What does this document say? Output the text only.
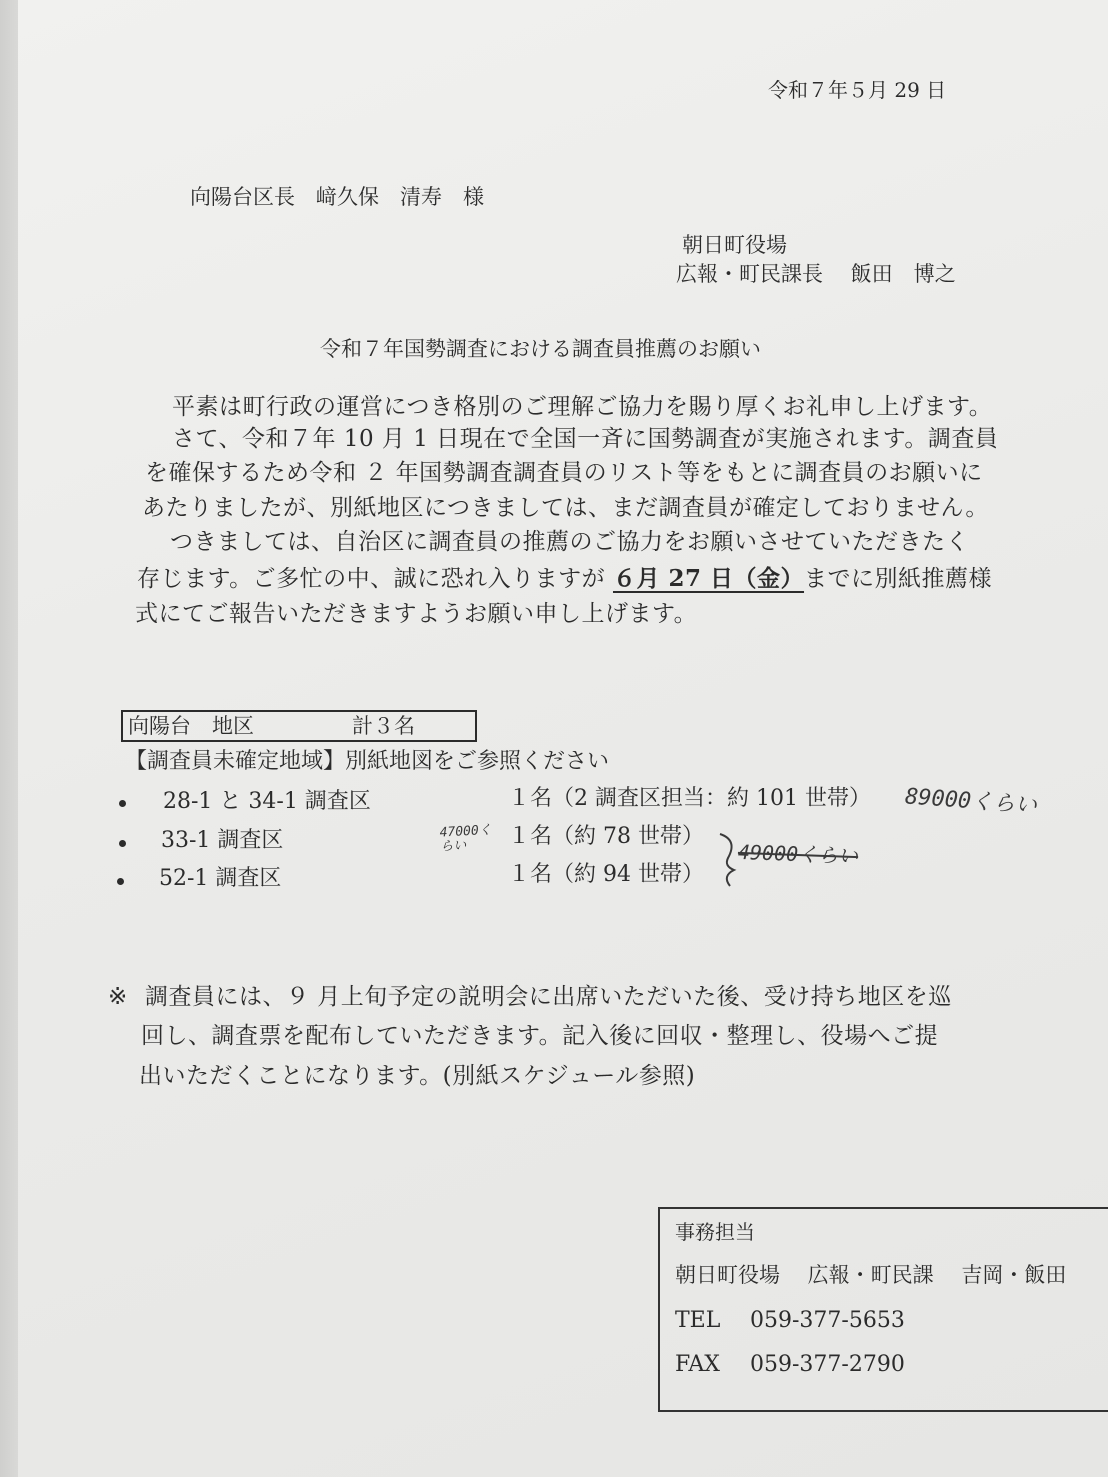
令和７年５月 29 日
向陽台区長　﨑久保　清寿　様
朝日町役場
広報・町民課長　 飯田　博之
令和７年国勢調査における調査員推薦のお願い
平素は町行政の運営につき格別のご理解ご協力を賜り厚くお礼申し上げます。
さて、令和７年 10 月 1 日現在で全国一斉に国勢調査が実施されます。調査員
を確保するため令和 ２ 年国勢調査調査員のリスト等をもとに調査員のお願いに
あたりましたが、別紙地区につきましては、まだ調査員が確定しておりません。
つきましては、自治区に調査員の推薦のご協力をお願いさせていただきたく
存じます。ご多忙の中、誠に恐れ入りますが ６月 27 日（金）までに別紙推薦様
式にてご報告いただきますようお願い申し上げます。
向陽台　地区	計３名
【調査員未確定地域】別紙地図をご参照ください
28-1 と 34-1 調査区	１名（2 調査区担当：約 101 世帯） 89000くらい
33-1 調査区	１名（約 78 世帯）
47000くらい
52-1 調査区	１名（約 94 世帯）
49000くらい
※ 調査員には、９ 月上旬予定の説明会に出席いただいた後、受け持ち地区を巡
回し、調査票を配布していただきます。記入後に回収・整理し、役場へご提
出いただくことになります。(別紙スケジュール参照)
事務担当
朝日町役場　 広報・町民課　 吉岡・飯田
TEL 059-377-5653
FAX 059-377-2790
